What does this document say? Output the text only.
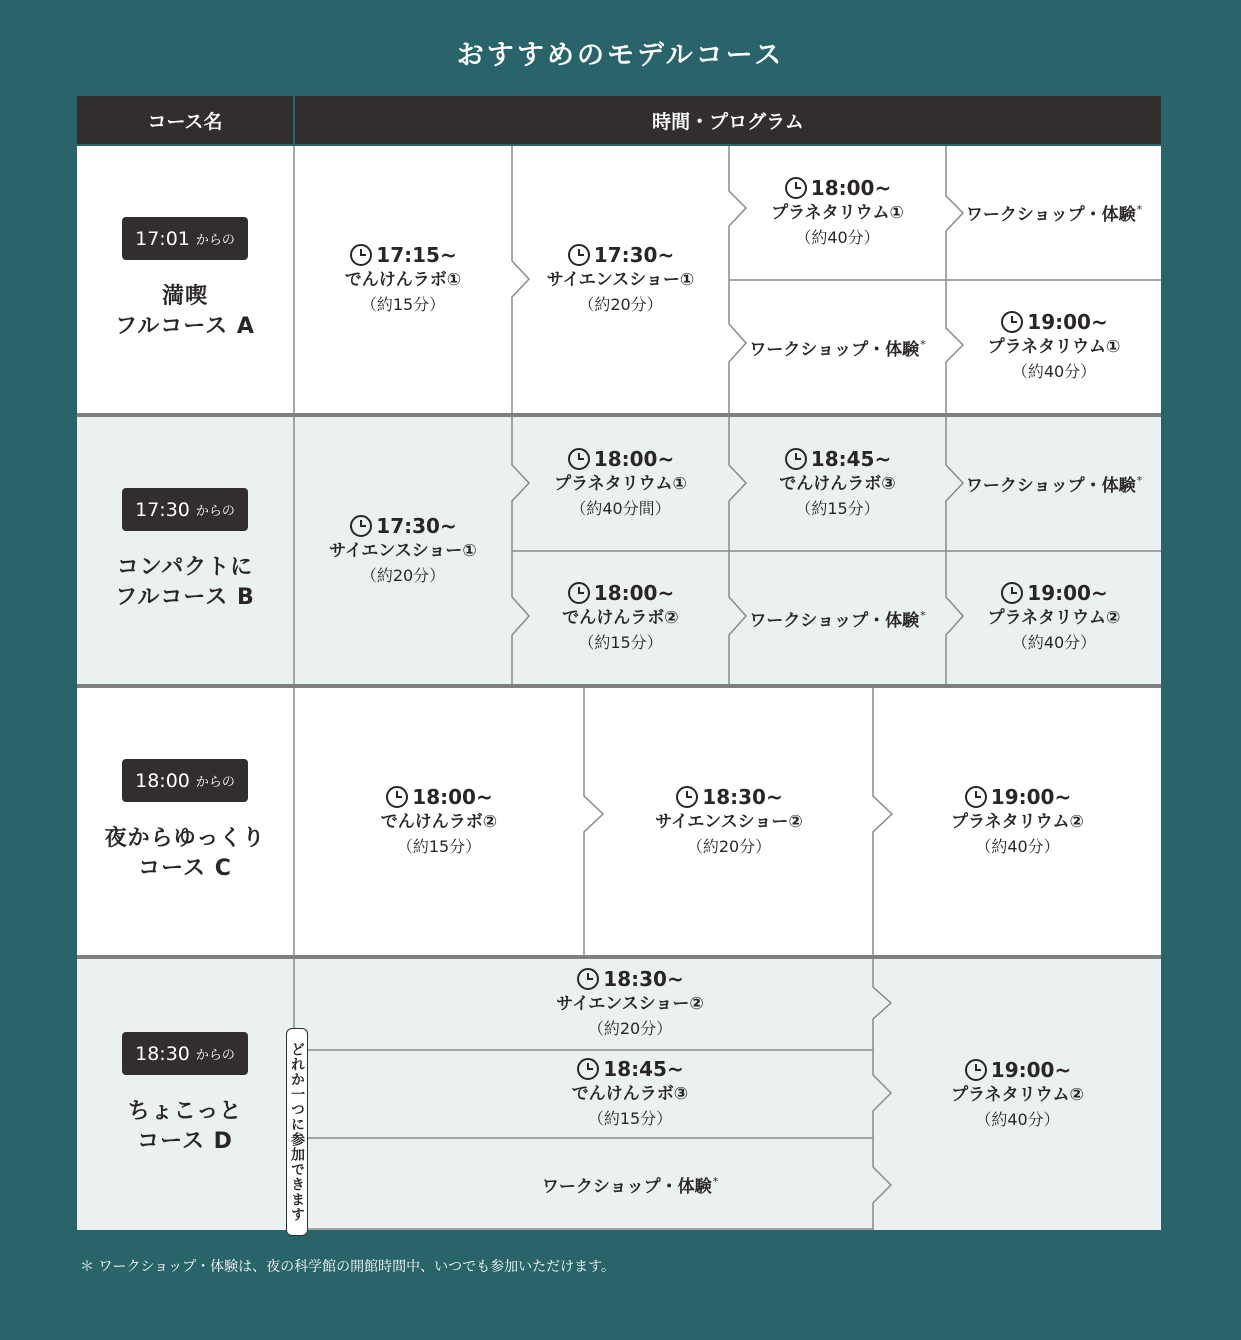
おすすめのモデルコース
コース名	時間・プログラム
17:01 からの
満喫
フルコース A
17:15~
でんけんラボ①
（約15分）
17:30~
サイエンスショー①
（約20分）
18:00~
プラネタリウム①
（約40分）
ワークショップ・体験*
ワークショップ・体験*
19:00~
プラネタリウム①
（約40分）
17:30 からの
コンパクトに
フルコース B
17:30~
サイエンスショー①
（約20分）
18:00~
プラネタリウム①
（約40分間）
18:45~
でんけんラボ③
（約15分）
ワークショップ・体験*
18:00~
でんけんラボ②
（約15分）
ワークショップ・体験*
19:00~
プラネタリウム②
（約40分）
18:00 からの
夜からゆっくり
コース C
18:00~
でんけんラボ②
（約15分）
18:30~
サイエンスショー②
（約20分）
19:00~
プラネタリウム②
（約40分）
18:30 からの
ちょこっと
コース D
18:30~
サイエンスショー②
（約20分）
18:45~
でんけんラボ③
（約15分）
ワークショップ・体験*
19:00~
プラネタリウム②
（約40分）
どれか一つに参加できます
＊ ワークショップ・体験は、夜の科学館の開館時間中、いつでも参加いただけます。
